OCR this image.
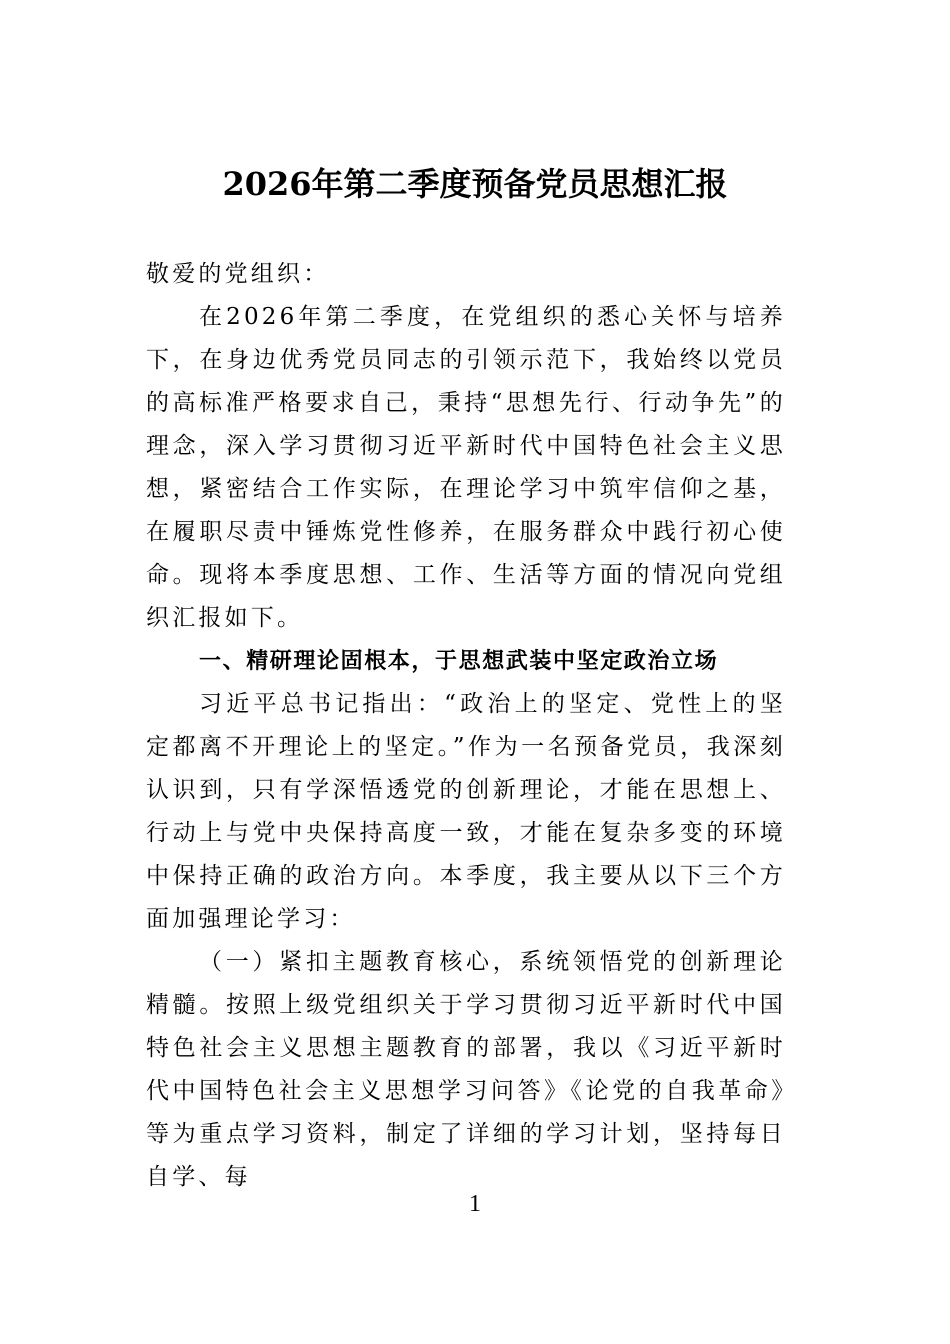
2026年第二季度预备党员思想汇报

敬爱的党组织：

在2026年第二季度，在党组织的悉心关怀与培养下，在身边优秀党员同志的引领示范下，我始终以党员的高标准严格要求自己，秉持“思想先行、行动争先”的理念，深入学习贯彻习近平新时代中国特色社会主义思想，紧密结合工作实际，在理论学习中筑牢信仰之基，在履职尽责中锤炼党性修养，在服务群众中践行初心使命。现将本季度思想、工作、生活等方面的情况向党组织汇报如下。

一、精研理论固根本，于思想武装中坚定政治立场

习近平总书记指出：“政治上的坚定、党性上的坚定都离不开理论上的坚定。”作为一名预备党员，我深刻认识到，只有学深悟透党的创新理论，才能在思想上、行动上与党中央保持高度一致，才能在复杂多变的环境中保持正确的政治方向。本季度，我主要从以下三个方面加强理论学习：

（一）紧扣主题教育核心，系统领悟党的创新理论精髓。按照上级党组织关于学习贯彻习近平新时代中国特色社会主义思想主题教育的部署，我以《习近平新时代中国特色社会主义思想学习问答》《论党的自我革命》等为重点学习资料，制定了详细的学习计划，坚持每日自学、每

1
